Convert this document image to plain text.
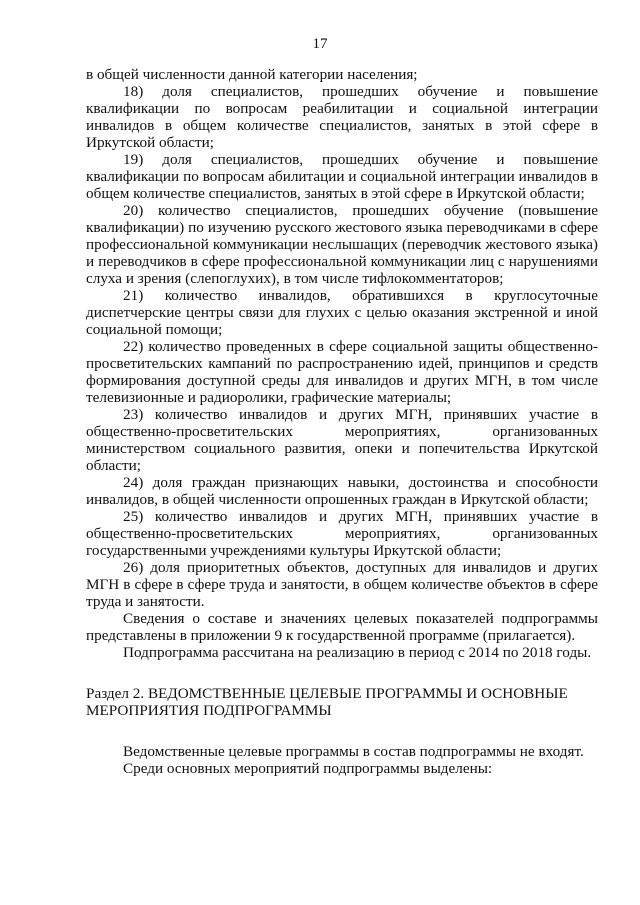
17

в общей численности данной категории населения;

18) доля специалистов, прошедших обучение и повышение квалификации по вопросам реабилитации и социальной интеграции инвалидов в общем количестве специалистов, занятых в этой сфере в Иркутской области;

19) доля специалистов, прошедших обучение и повышение квалификации по вопросам абилитации и социальной интеграции инвалидов в общем количестве специалистов, занятых в этой сфере в Иркутской области;

20) количество специалистов, прошедших обучение (повышение квалификации) по изучению русского жестового языка переводчиками в сфере профессиональной коммуникации неслышащих (переводчик жестового языка) и переводчиков в сфере профессиональной коммуникации лиц с нарушениями слуха и зрения (слепоглухих), в том числе тифлокомментаторов;

21) количество инвалидов, обратившихся в круглосуточные диспетчерские центры связи для глухих с целью оказания экстренной и иной социальной помощи;

22) количество проведенных в сфере социальной защиты общественно-просветительских кампаний по распространению идей, принципов и средств формирования доступной среды для инвалидов и других МГН, в том числе телевизионные и радиоролики, графические материалы;

23) количество инвалидов и других МГН, принявших участие в общественно-просветительских мероприятиях, организованных министерством социального развития, опеки и попечительства Иркутской области;

24) доля граждан признающих навыки, достоинства и способности инвалидов, в общей численности опрошенных граждан в Иркутской области;

25) количество инвалидов и других МГН, принявших участие в общественно-просветительских мероприятиях, организованных государственными учреждениями культуры Иркутской области;

26) доля приоритетных объектов, доступных для инвалидов и других МГН в сфере в сфере труда и занятости, в общем количестве объектов в сфере труда и занятости.

Сведения о составе и значениях целевых показателей подпрограммы представлены в приложении 9 к государственной программе (прилагается).

Подпрограмма рассчитана на реализацию в период с 2014 по 2018 годы.

Раздел 2. ВЕДОМСТВЕННЫЕ ЦЕЛЕВЫЕ ПРОГРАММЫ И ОСНОВНЫЕ
МЕРОПРИЯТИЯ ПОДПРОГРАММЫ

Ведомственные целевые программы в состав подпрограммы не входят.

Среди основных мероприятий подпрограммы выделены:
